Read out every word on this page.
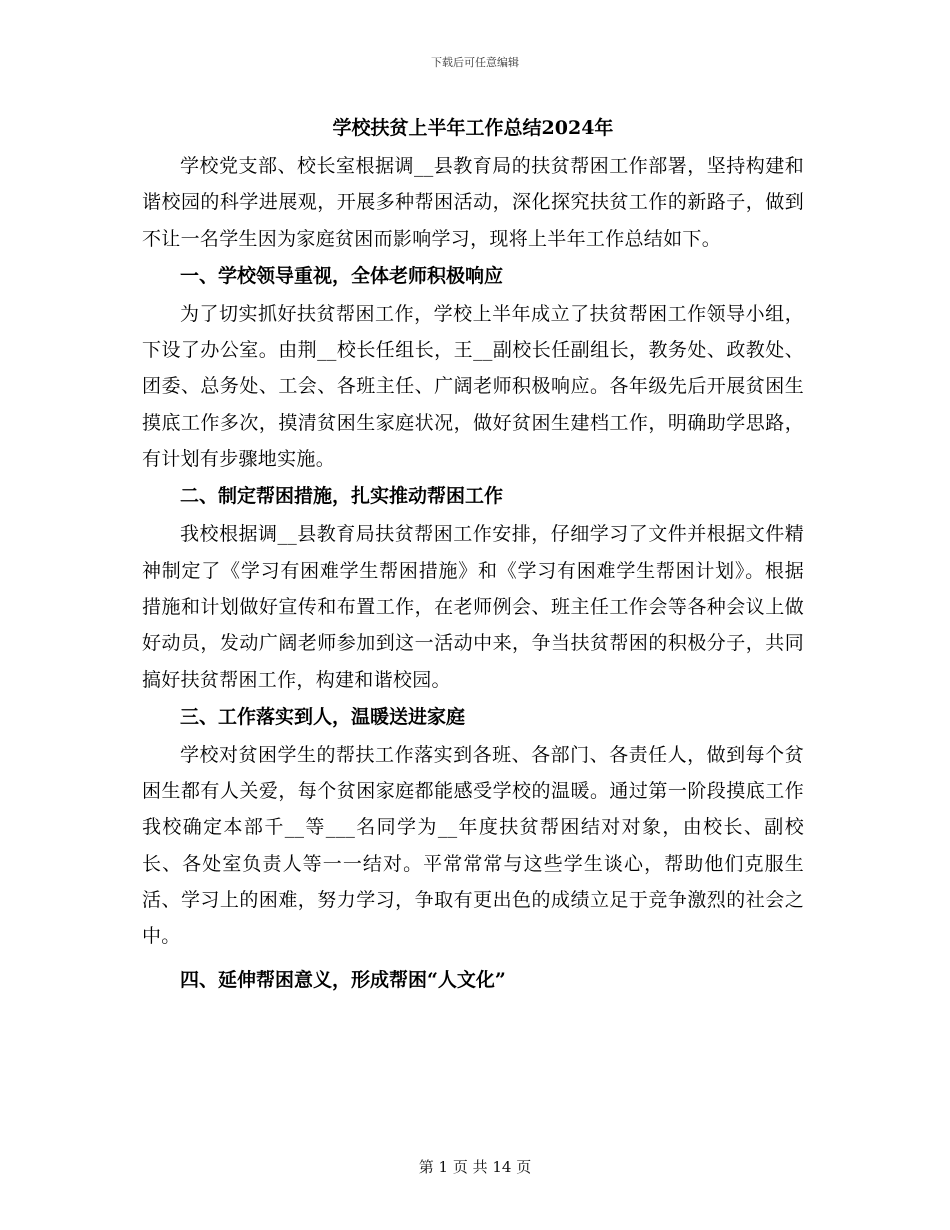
下载后可任意编辑

学校扶贫上半年工作总结2024年

学校党支部、校长室根据调__县教育局的扶贫帮困工作部署，坚持构建和谐校园的科学进展观，开展多种帮困活动，深化探究扶贫工作的新路子，做到不让一名学生因为家庭贫困而影响学习，现将上半年工作总结如下。

一、学校领导重视，全体老师积极响应

为了切实抓好扶贫帮困工作，学校上半年成立了扶贫帮困工作领导小组，下设了办公室。由荆__校长任组长，王__副校长任副组长，教务处、政教处、团委、总务处、工会、各班主任、广阔老师积极响应。各年级先后开展贫困生摸底工作多次，摸清贫困生家庭状况，做好贫困生建档工作，明确助学思路，有计划有步骤地实施。

二、制定帮困措施，扎实推动帮困工作

我校根据调__县教育局扶贫帮困工作安排，仔细学习了文件并根据文件精神制定了《学习有困难学生帮困措施》和《学习有困难学生帮困计划》。根据措施和计划做好宣传和布置工作，在老师例会、班主任工作会等各种会议上做好动员，发动广阔老师参加到这一活动中来，争当扶贫帮困的积极分子，共同搞好扶贫帮困工作，构建和谐校园。

三、工作落实到人，温暖送进家庭

学校对贫困学生的帮扶工作落实到各班、各部门、各责任人，做到每个贫困生都有人关爱，每个贫困家庭都能感受学校的温暖。通过第一阶段摸底工作我校确定本部千__等___名同学为__年度扶贫帮困结对对象，由校长、副校长、各处室负责人等一一结对。平常常常与这些学生谈心，帮助他们克服生活、学习上的困难，努力学习，争取有更出色的成绩立足于竞争激烈的社会之中。

四、延伸帮困意义，形成帮困“人文化”

第 1 页 共 14 页
